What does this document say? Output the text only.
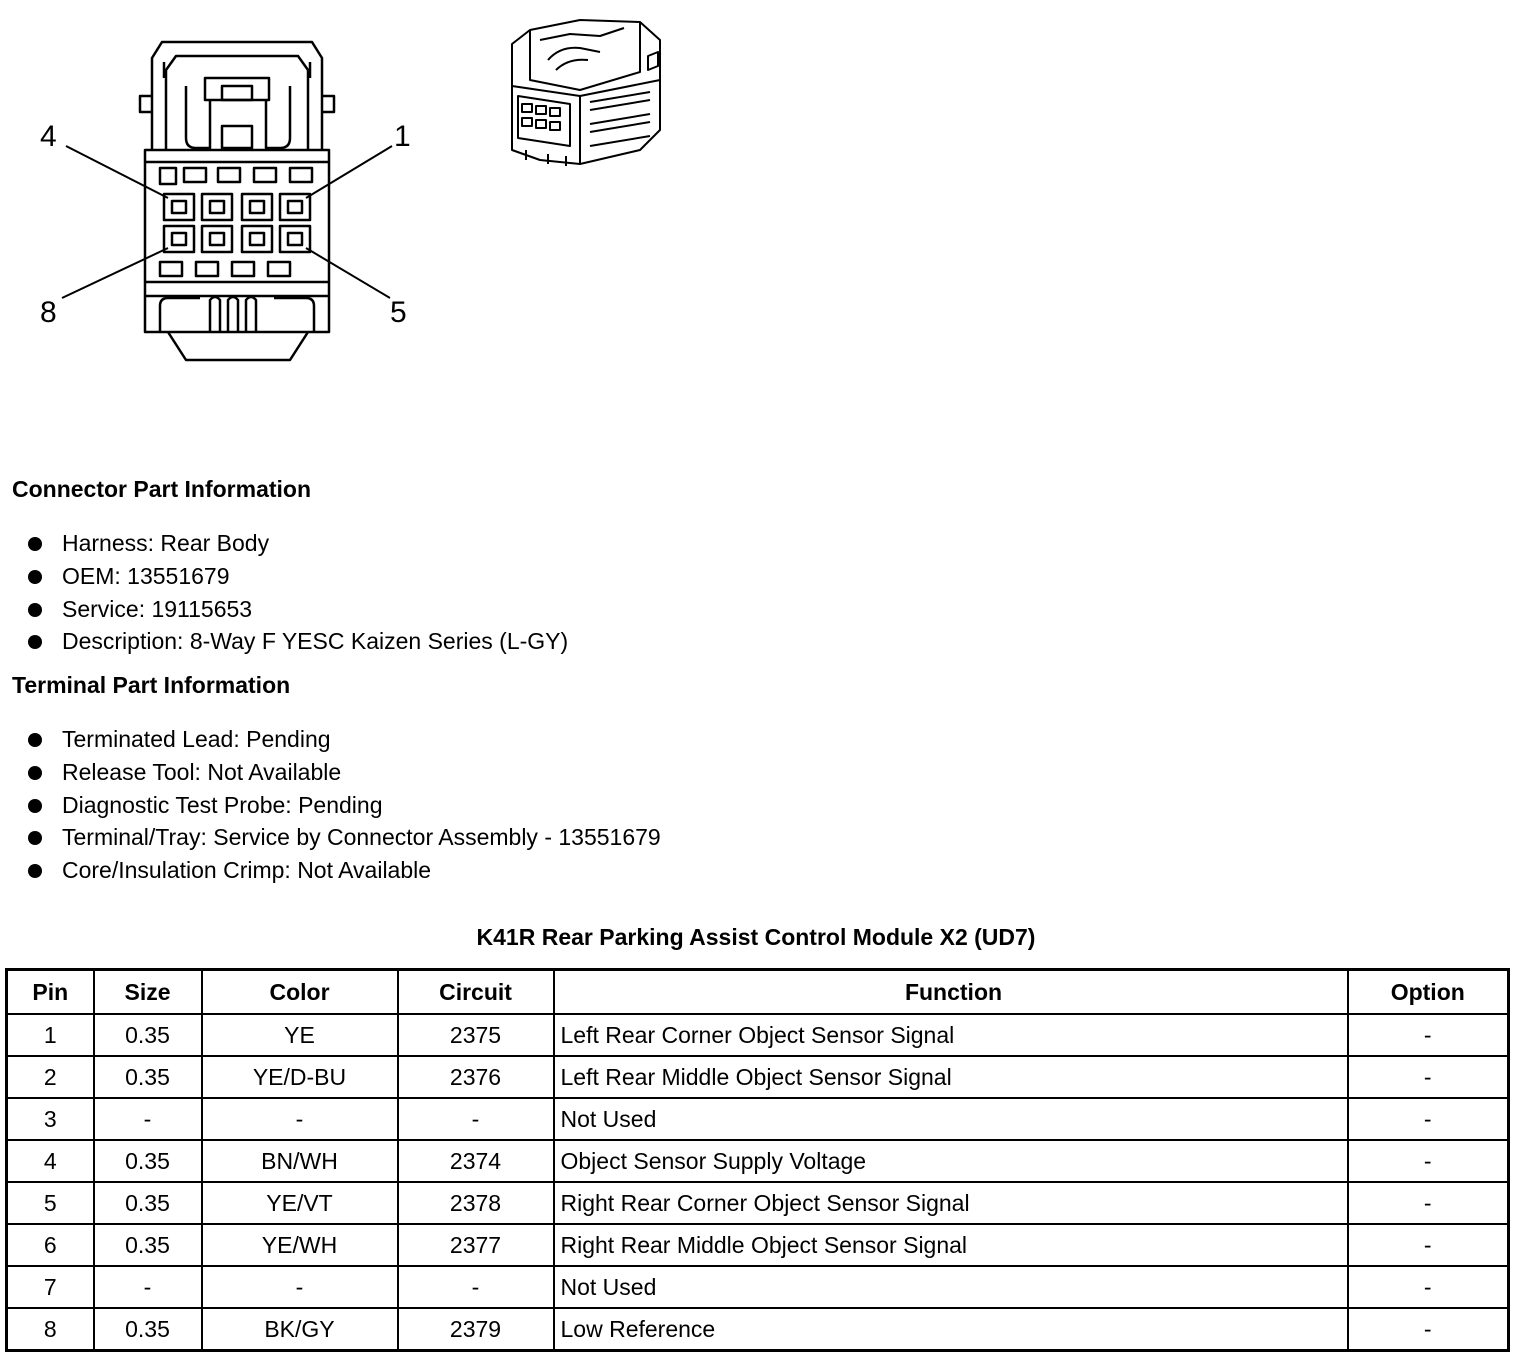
4	1
8	5
Connector Part Information
Harness: Rear Body
OEM: 13551679
Service: 19115653
Description: 8-Way F YESC Kaizen Series (L-GY)
Terminal Part Information
Terminated Lead: Pending
Release Tool: Not Available
Diagnostic Test Probe: Pending
Terminal/Tray: Service by Connector Assembly - 13551679
Core/Insulation Crimp: Not Available
K41R Rear Parking Assist Control Module X2 (UD7)
Pin	Size	Color	Circuit	Function	Option
1	0.35	YE	2375	Left Rear Corner Object Sensor Signal	-
2	0.35	YE/D-BU	2376	Left Rear Middle Object Sensor Signal	-
3	-	-	-	Not Used	-
4	0.35	BN/WH	2374	Object Sensor Supply Voltage	-
5	0.35	YE/VT	2378	Right Rear Corner Object Sensor Signal	-
6	0.35	YE/WH	2377	Right Rear Middle Object Sensor Signal	-
7	-	-	-	Not Used	-
8	0.35	BK/GY	2379	Low Reference	-
